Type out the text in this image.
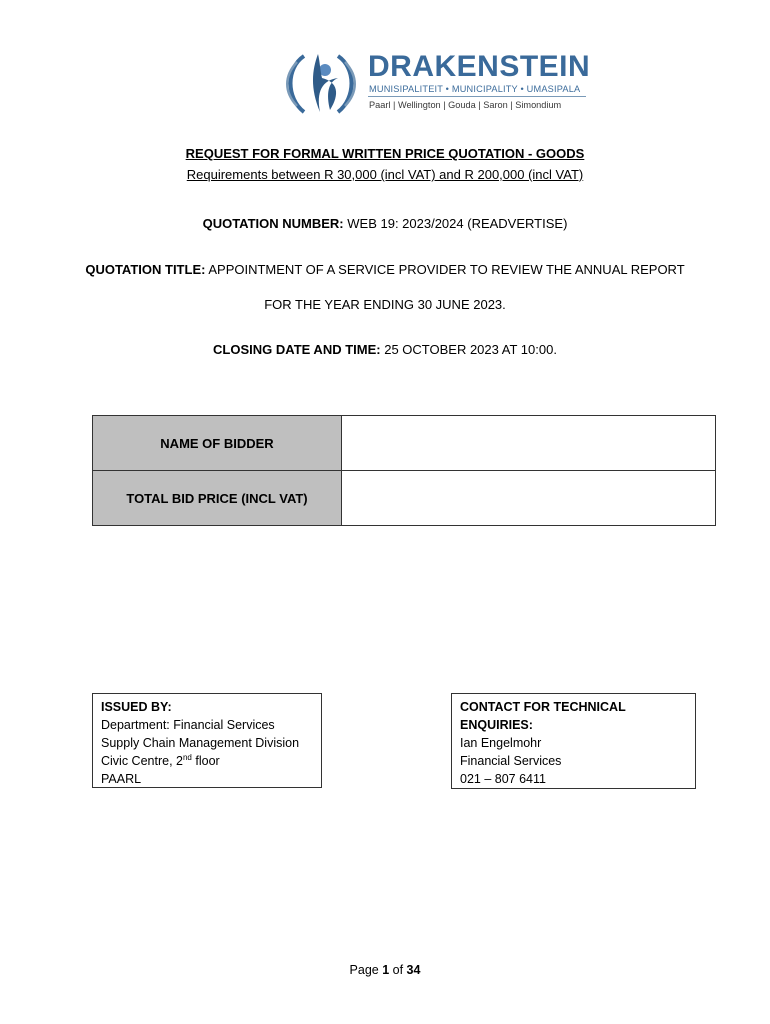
DRAKENSTEIN
MUNISIPALITEIT • MUNICIPALITY • UMASIPALA
Paarl | Wellington | Gouda | Saron | Simondium
REQUEST FOR FORMAL WRITTEN PRICE QUOTATION - GOODS
Requirements between R 30,000 (incl VAT) and R 200,000 (incl VAT)
QUOTATION NUMBER: WEB 19: 2023/2024 (READVERTISE)
QUOTATION TITLE: APPOINTMENT OF A SERVICE PROVIDER TO REVIEW THE ANNUAL REPORT
FOR THE YEAR ENDING 30 JUNE 2023.
CLOSING DATE AND TIME: 25 OCTOBER 2023 AT 10:00.
NAME OF BIDDER	
TOTAL BID PRICE (INCL VAT)	
ISSUED BY:
Department: Financial Services
Supply Chain Management Division
Civic Centre, 2nd floor
PAARL
CONTACT FOR TECHNICAL ENQUIRIES:
Ian Engelmohr
Financial Services
021 – 807 6411
Page 1 of 34
